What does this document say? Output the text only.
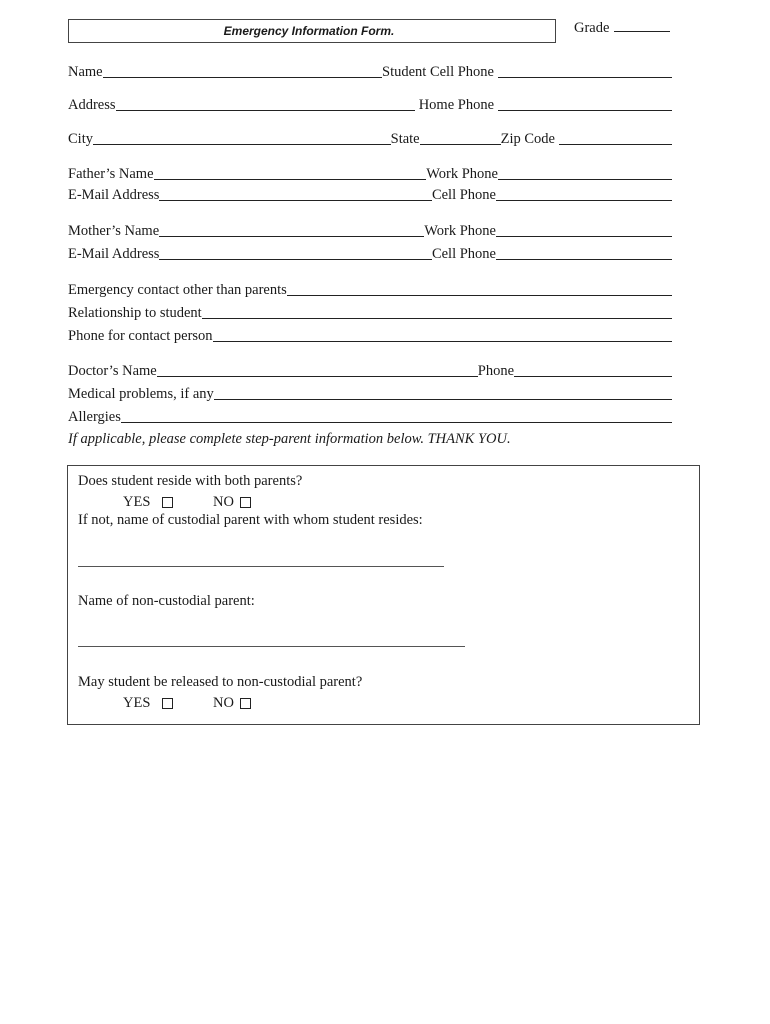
Emergency Information Form.	Grade
Name	Student Cell Phone
Address	Home Phone
City	State	Zip Code
Father’s Name	Work Phone
E-Mail Address	Cell Phone
Mother’s Name	Work Phone
E-Mail Address	Cell Phone
Emergency contact other than parents
Relationship to student
Phone for contact person
Doctor’s Name	Phone
Medical problems, if any
Allergies
If applicable, please complete step-parent information below. THANK YOU.
Does student reside with both parents?
YES	NO
If not, name of custodial parent with whom student resides:
Name of non-custodial parent:
May student be released to non-custodial parent?
YES	NO
